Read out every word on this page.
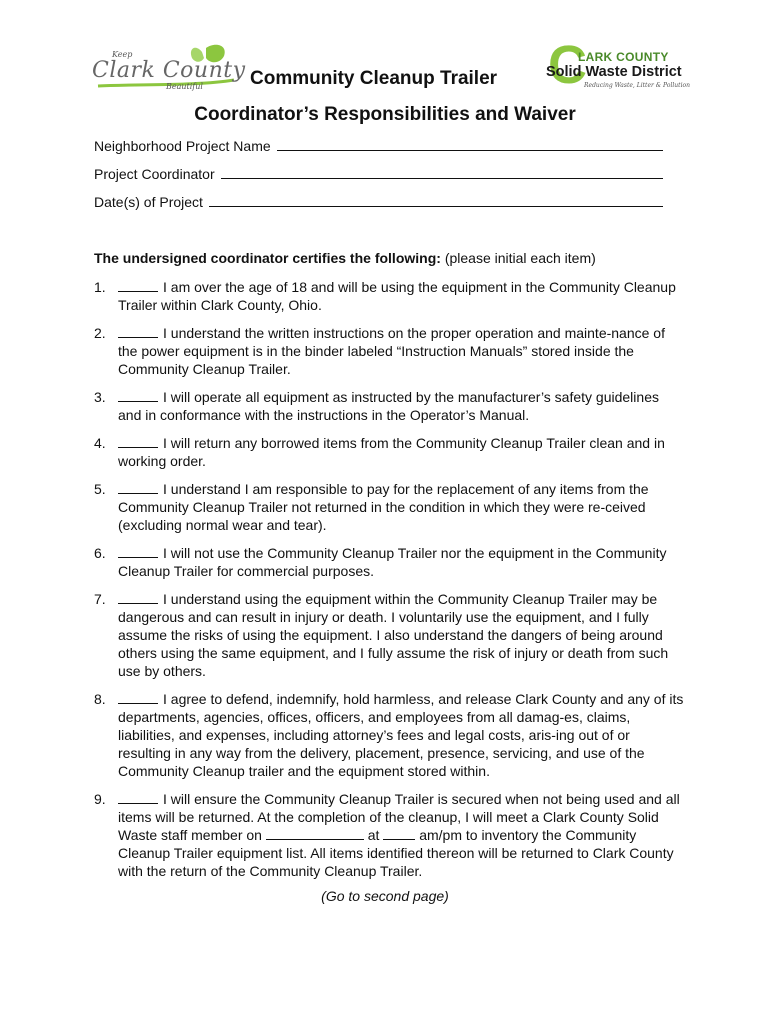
Keep
Clark County
Beautiful Community Cleanup Trailer C
LARK COUNTY
Solid Waste District
Reducing Waste, Litter & Pollution
Coordinator’s Responsibilities and Waiver
Neighborhood Project Name
Project Coordinator
Date(s) of Project
The undersigned coordinator certifies the following: (please initial each item)
1.	I am over the age of 18 and will be using the equipment in the Community Cleanup Trailer within Clark County, Ohio.
2.	I understand the written instructions on the proper operation and mainte-nance of the power equipment is in the binder labeled “Instruction Manuals” stored inside the Community Cleanup Trailer.
3.	I will operate all equipment as instructed by the manufacturer’s safety guidelines and in conformance with the instructions in the Operator’s Manual.
4.	I will return any borrowed items from the Community Cleanup Trailer clean and in working order.
5.	I understand I am responsible to pay for the replacement of any items from the Community Cleanup Trailer not returned in the condition in which they were re-ceived (excluding normal wear and tear).
6.	I will not use the Community Cleanup Trailer nor the equipment in the Community Cleanup Trailer for commercial purposes.
7.	I understand using the equipment within the Community Cleanup Trailer may be dangerous and can result in injury or death. I voluntarily use the equipment, and I fully assume the risks of using the equipment. I also understand the dangers of being around others using the same equipment, and I fully assume the risk of injury or death from such use by others.
8.	I agree to defend, indemnify, hold harmless, and release Clark County and any of its departments, agencies, offices, officers, and employees from all damag-es, claims, liabilities, and expenses, including attorney’s fees and legal costs, aris-ing out of or resulting in any way from the delivery, placement, presence, servicing, and use of the Community Cleanup trailer and the equipment stored within.
9.	I will ensure the Community Cleanup Trailer is secured when not being used and all items will be returned. At the completion of the cleanup, I will meet a Clark County Solid Waste staff member on	at	am/pm to inventory the Community Cleanup Trailer equipment list. All items identified thereon will be returned to Clark County with the return of the Community Cleanup Trailer.
(Go to second page)
